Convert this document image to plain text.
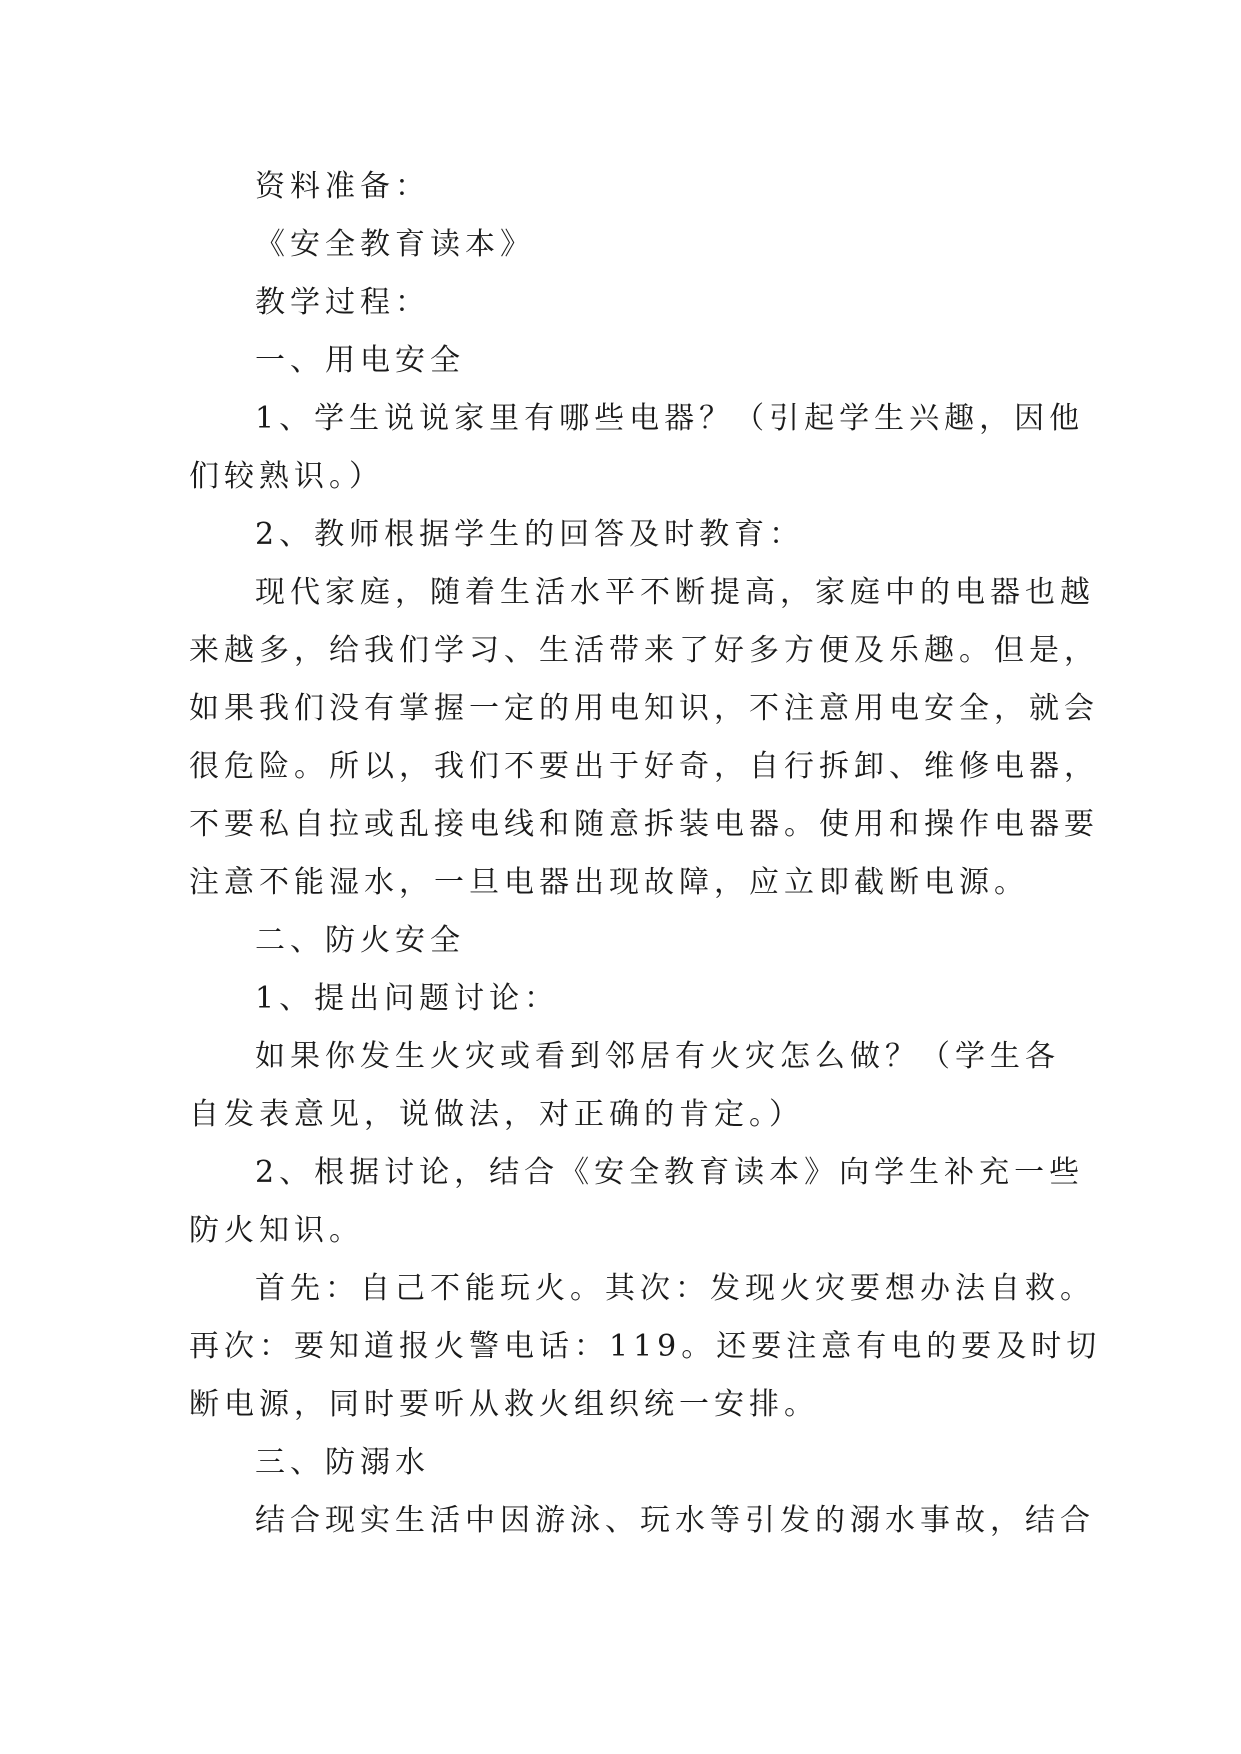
资料准备：
《安全教育读本》
教学过程：
一、用电安全
1、学生说说家里有哪些电器？（引起学生兴趣，因他
们较熟识。）
2、教师根据学生的回答及时教育：
现代家庭，随着生活水平不断提高，家庭中的电器也越
来越多，给我们学习、生活带来了好多方便及乐趣。但是，
如果我们没有掌握一定的用电知识，不注意用电安全，就会
很危险。所以，我们不要出于好奇，自行拆卸、维修电器，
不要私自拉或乱接电线和随意拆装电器。使用和操作电器要
注意不能湿水，一旦电器出现故障，应立即截断电源。
二、防火安全
1、提出问题讨论：
如果你发生火灾或看到邻居有火灾怎么做？（学生各
自发表意见，说做法，对正确的肯定。）
2、根据讨论，结合《安全教育读本》向学生补充一些
防火知识。
首先：自己不能玩火。其次：发现火灾要想办法自救。
再次：要知道报火警电话：119。还要注意有电的要及时切
断电源，同时要听从救火组织统一安排。
三、防溺水
结合现实生活中因游泳、玩水等引发的溺水事故，结合
